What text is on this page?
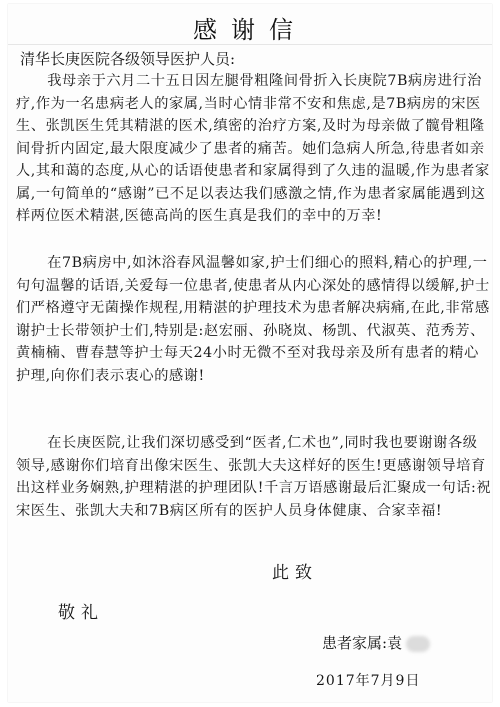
感谢信
清华长庚医院各级领导医护人员:
我母亲于六月二十五日因左腿骨粗隆间骨折入长庚院7B病房进行治疗,作为一名患病老人的家属,当时心情非常不安和焦虑,是7B病房的宋医生、张凯医生凭其精湛的医术,缜密的治疗方案,及时为母亲做了髋骨粗隆间骨折内固定,最大限度减少了患者的痛苦。她们急病人所急,待患者如亲人,其和蔼的态度,从心的话语使患者和家属得到了久违的温暖,作为患者家属,一句简单的“感谢”已不足以表达我们感激之情,作为患者家属能遇到这样两位医术精湛,医德高尚的医生真是我们的幸中的万幸!
在7B病房中,如沐浴春风温馨如家,护士们细心的照料,精心的护理,一句句温馨的话语,关爱每一位患者,使患者从内心深处的感情得以缓解,护士们严格遵守无菌操作规程,用精湛的护理技术为患者解决病痛,在此,非常感谢护士长带领护士们,特别是:赵宏丽、孙晓岚、杨凯、代淑英、范秀芳、黄楠楠、曹春慧等护士每天24小时无微不至对我母亲及所有患者的精心护理,向你们表示衷心的感谢!
在长庚医院,让我们深切感受到“医者,仁术也”,同时我也要谢谢各级领导,感谢你们培育出像宋医生、张凯大夫这样好的医生!更感谢领导培育出这样业务娴熟,护理精湛的护理团队!千言万语感谢最后汇聚成一句话:祝宋医生、张凯大夫和7B病区所有的医护人员身体健康、合家幸福!
此致
敬礼
患者家属:袁
2017年7月9日
